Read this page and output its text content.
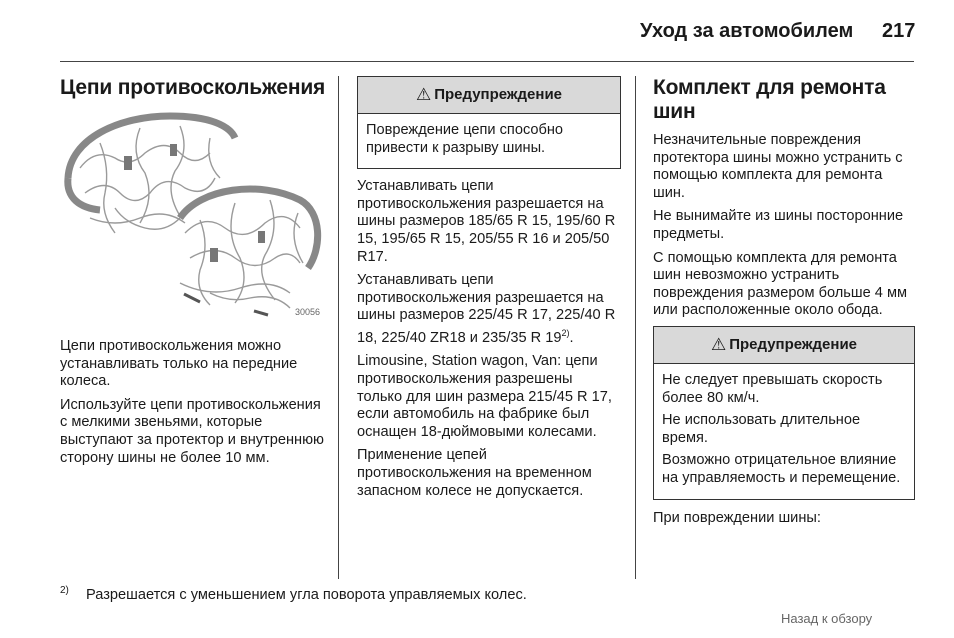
Уход за автомобилем 217
Цепи противоскольжения
30056

Цепи противоскольжения можно устанавливать только на передние колеса.

Используйте цепи противоскольжения с мелкими звеньями, которые выступают за протектор и внутреннюю сторону шины не более 10 мм.

⚠ Предупреждение

Повреждение цепи способно привести к разрыву шины.

Устанавливать цепи противоскольжения разрешается на шины размеров 185/65 R 15, 195/60 R 15, 195/65 R 15, 205/55 R 16 и 205/50 R17.

Устанавливать цепи противоскольжения разрешается на шины размеров 225/45 R 17, 225/40 R 18, 225/40 ZR18 и 235/35 R 19$^{2)}$.

Limousine, Station wagon, Van: цепи противоскольжения разрешены только для шин размера 215/45 R 17, если автомобиль на фабрике был оснащен 18-дюймовыми колесами.

Применение цепей противоскольжения на временном запасном колесе не допускается.

Комплект для ремонта шин

Незначительные повреждения протектора шины можно устранить с помощью комплекта для ремонта шин.

Не вынимайте из шины посторонние предметы.

С помощью комплекта для ремонта шин невозможно устранить повреждения размером больше 4 мм или расположенные около обода.

⚠ Предупреждение

Не следует превышать скорость более 80 км/ч.

Не использовать длительное время.

Возможно отрицательное влияние на управляемость и перемещение.

При повреждении шины:

2) Разрешается с уменьшением угла поворота управляемых колес.
Назад к обзору
